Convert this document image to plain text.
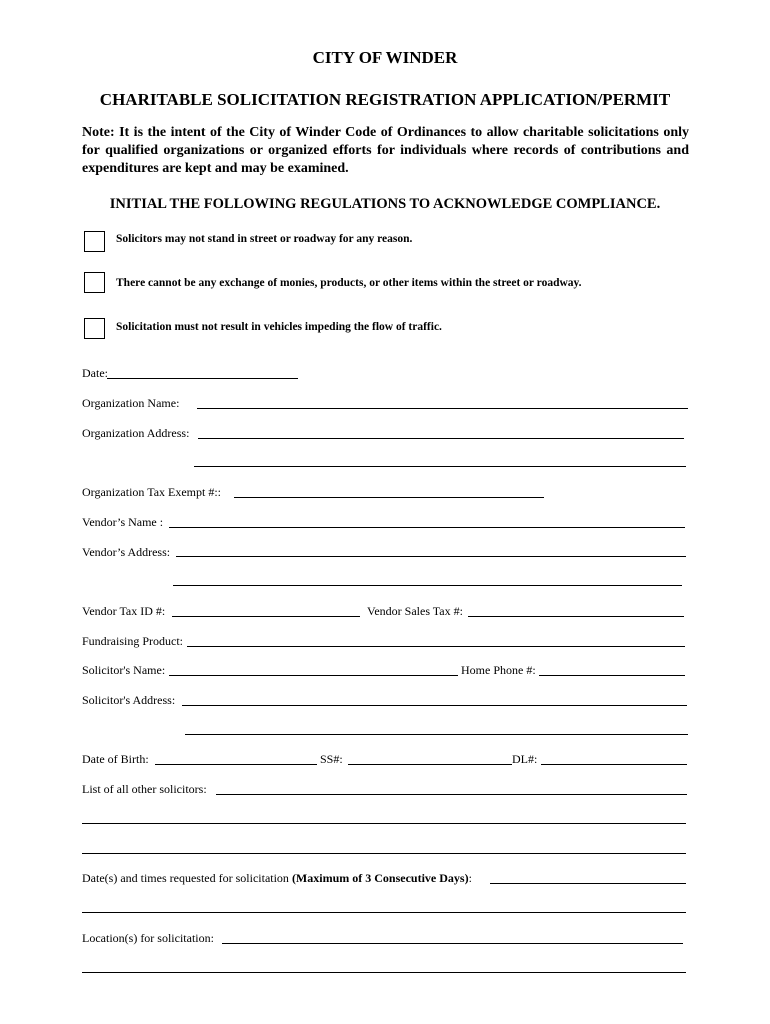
CITY OF WINDER
CHARITABLE SOLICITATION REGISTRATION APPLICATION/PERMIT
Note: It is the intent of the City of Winder Code of Ordinances to allow charitable solicitations only for qualified organizations or organized efforts for individuals where records of contributions and expenditures are kept and may be examined.
INITIAL THE FOLLOWING REGULATIONS TO ACKNOWLEDGE COMPLIANCE.
Solicitors may not stand in street or roadway for any reason.
There cannot be any exchange of monies, products, or other items within the street or roadway.
Solicitation must not result in vehicles impeding the flow of traffic.
Date:
Organization Name:
Organization Address:
Organization Tax Exempt #::
Vendor’s Name :
Vendor’s Address:
Vendor Tax ID #:	Vendor Sales Tax #:
Fundraising Product:
Solicitor's Name:	Home Phone #:
Solicitor's Address:
Date of Birth:	SS#:	DL#:
List of all other solicitors:
Date(s) and times requested for solicitation (Maximum of 3 Consecutive Days):
Location(s) for solicitation:
